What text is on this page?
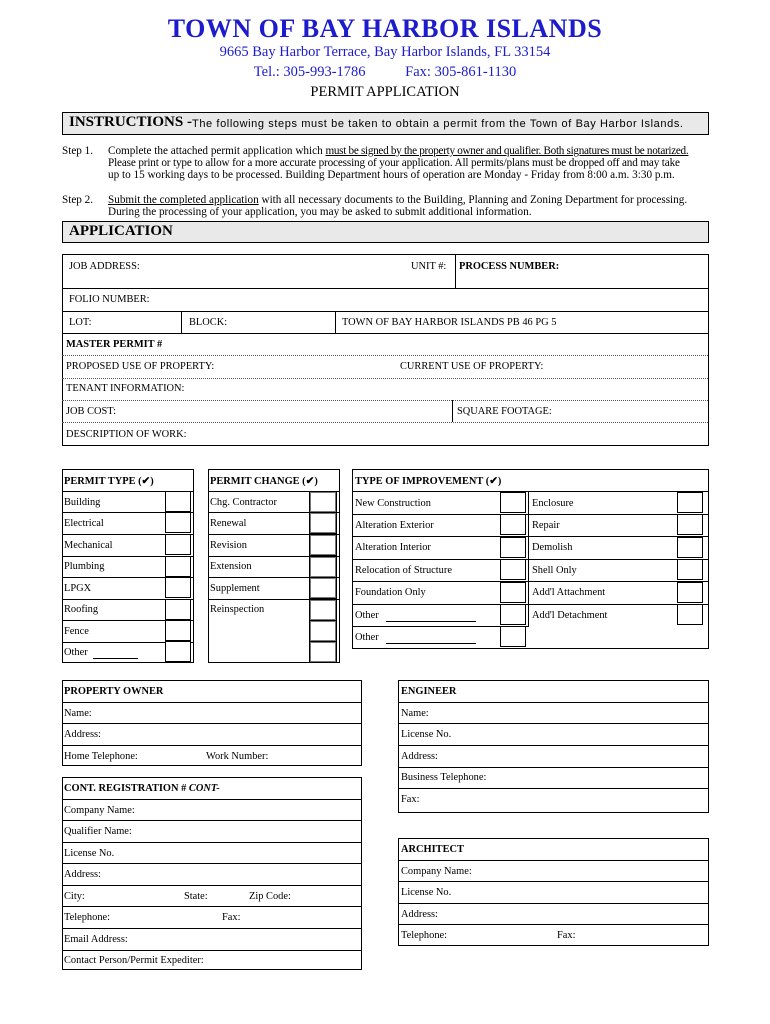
TOWN OF BAY HARBOR ISLANDS
9665 Bay Harbor Terrace, Bay Harbor Islands, FL 33154
Tel.: 305-993-1786	Fax: 305-861-1130
PERMIT APPLICATION
INSTRUCTIONS - The following steps must be taken to obtain a permit from the Town of Bay Harbor Islands.
Step 1. Complete the attached permit application which must be signed by the property owner and qualifier. Both signatures must be notarized.
Please print or type to allow for a more accurate processing of your application. All permits/plans must be dropped off and may take
up to 15 working days to be processed. Building Department hours of operation are Monday - Friday from 8:00 a.m. 3:30 p.m.
Step 2. Submit the completed application with all necessary documents to the Building, Planning and Zoning Department for processing.
During the processing of your application, you may be asked to submit additional information.
APPLICATION
JOB ADDRESS:	UNIT #: PROCESS NUMBER:
FOLIO NUMBER:
LOT:	BLOCK:	TOWN OF BAY HARBOR ISLANDS PB 46 PG 5
MASTER PERMIT #
PROPOSED USE OF PROPERTY:	CURRENT USE OF PROPERTY:
TENANT INFORMATION:
JOB COST:	SQUARE FOOTAGE:
DESCRIPTION OF WORK:
PERMIT TYPE (✔)
Building
Electrical
Mechanical
Plumbing
LPGX
Roofing
Fence
Other
PERMIT CHANGE (✔)
Chg. Contractor
Renewal
Revision
Extension
Supplement
Reinspection
TYPE OF IMPROVEMENT (✔)
New Construction	Enclosure
Alteration Exterior	Repair
Alteration Interior	Demolish
Relocation of Structure	Shell Only
Foundation Only	Add'l Attachment
Other	Add'l Detachment
Other
PROPERTY OWNER
Name:
Address:
Home Telephone:	Work Number:
CONT. REGISTRATION # CONT-
Company Name:
Qualifier Name:
License No.
Address:
City:	State:	Zip Code:
Telephone:	Fax:
Email Address:
Contact Person/Permit Expediter:
ENGINEER
Name:
License No.
Address:
Business Telephone:
Fax:
ARCHITECT
Company Name:
License No.
Address:
Telephone:	Fax:
